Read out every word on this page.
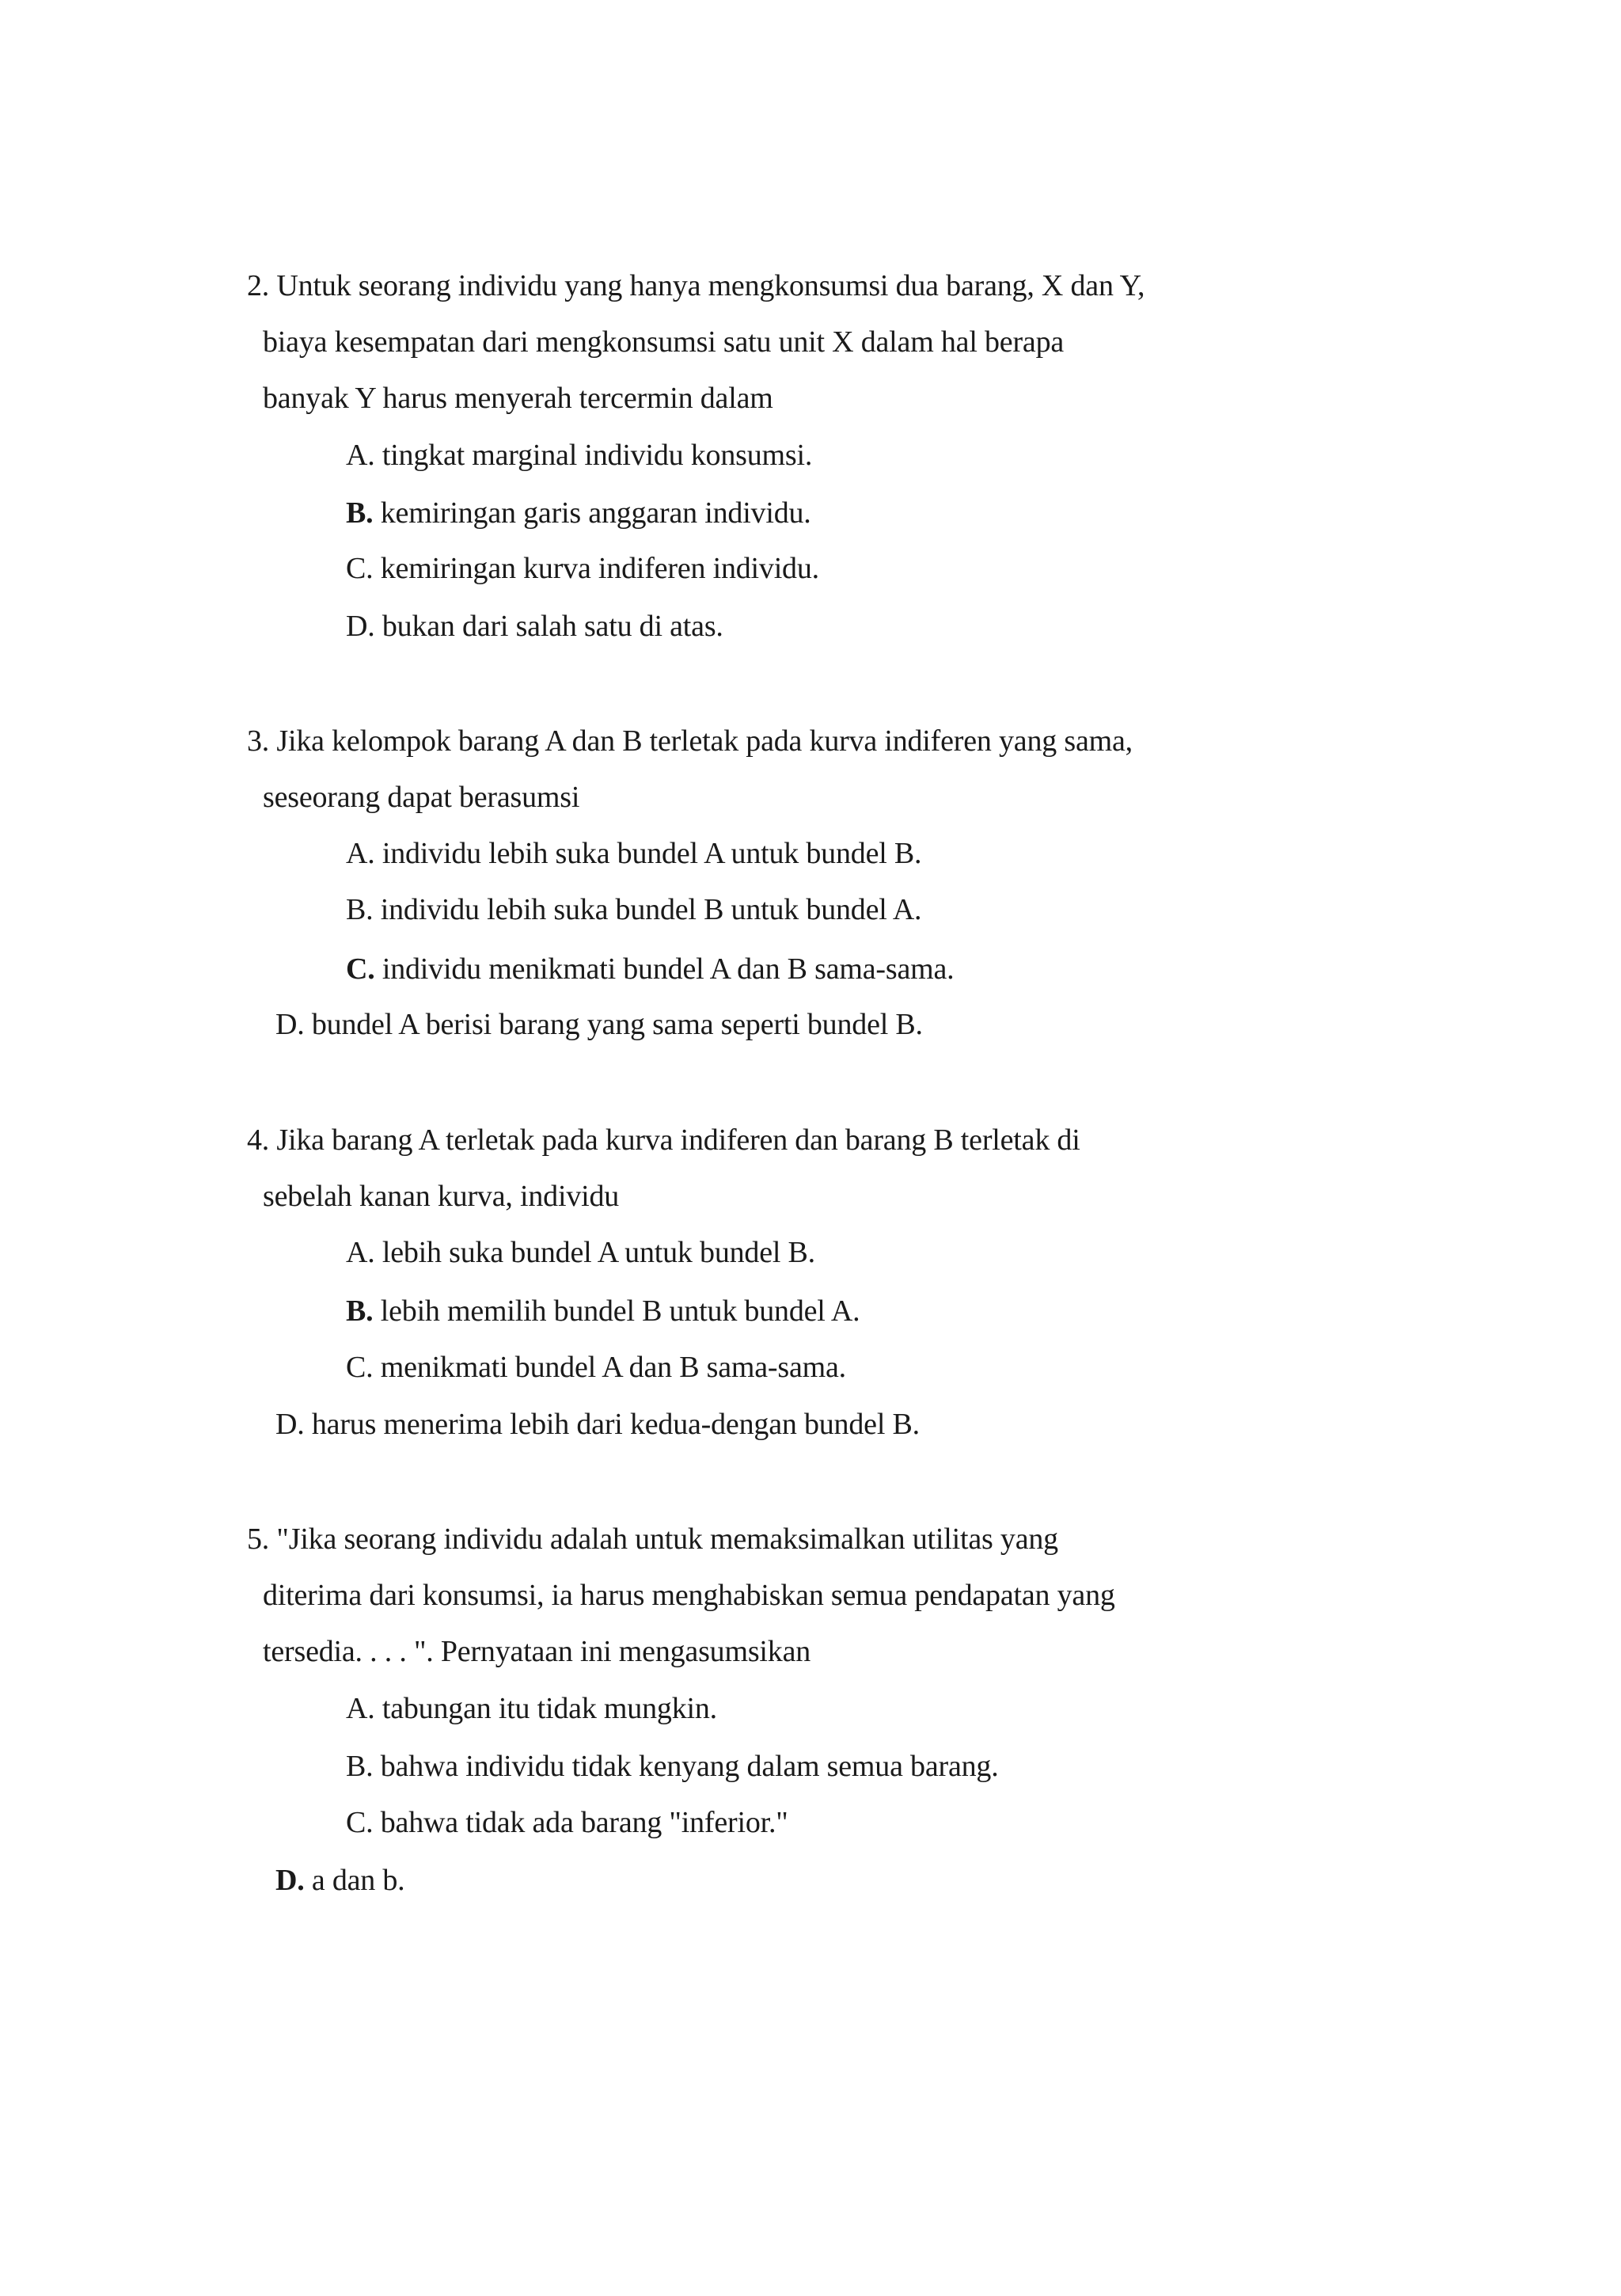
2. Untuk seorang individu yang hanya mengkonsumsi dua barang, X dan Y,
biaya kesempatan dari mengkonsumsi satu unit X dalam hal berapa
banyak Y harus menyerah tercermin dalam
A. tingkat marginal individu konsumsi.
B. kemiringan garis anggaran individu.
C. kemiringan kurva indiferen individu.
D. bukan dari salah satu di atas.
3. Jika kelompok barang A dan B terletak pada kurva indiferen yang sama,
seseorang dapat berasumsi
A. individu lebih suka bundel A untuk bundel B.
B. individu lebih suka bundel B untuk bundel A.
C. individu menikmati bundel A dan B sama-sama.
D. bundel A berisi barang yang sama seperti bundel B.
4. Jika barang A terletak pada kurva indiferen dan barang B terletak di
sebelah kanan kurva, individu
A. lebih suka bundel A untuk bundel B.
B. lebih memilih bundel B untuk bundel A.
C. menikmati bundel A dan B sama-sama.
D. harus menerima lebih dari kedua-dengan bundel B.
5. "Jika seorang individu adalah untuk memaksimalkan utilitas yang
diterima dari konsumsi, ia harus menghabiskan semua pendapatan yang
tersedia. . . . ". Pernyataan ini mengasumsikan
A. tabungan itu tidak mungkin.
B. bahwa individu tidak kenyang dalam semua barang.
C. bahwa tidak ada barang "inferior."
D. a dan b.
